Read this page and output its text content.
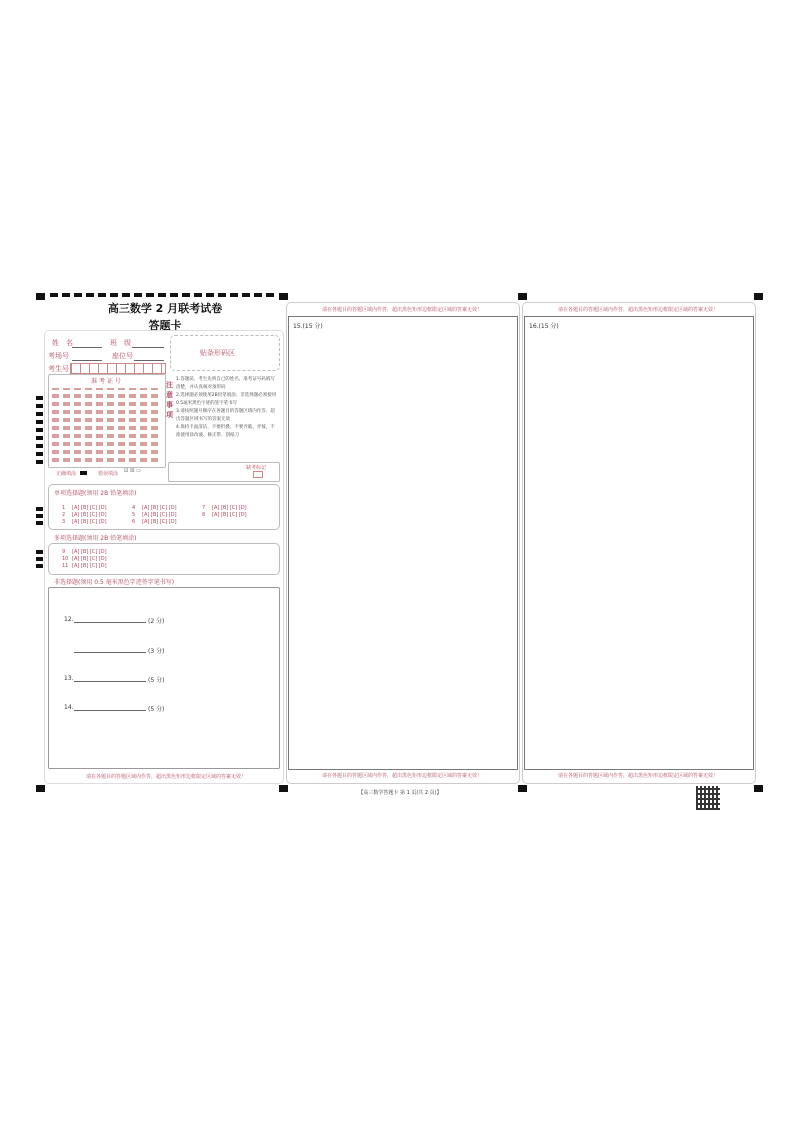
高三数学 2 月联考试卷
答题卡
姓　名	班　级
考场号	座位号
考生号
贴条形码区
准 考 证 号	注意事项
1.答题前，考生先将自己的姓名、准考证号码填写清楚，并认真核对条形码
2.选择题必须使用2B铅笔填涂；非选择题必须使用0.5毫米黑色字迹的签字笔书写
3.请按照题号顺序在各题目的答题区域内作答，超出答题区域书写的答案无效
4.保持卡面清洁，不要折叠、不要弄破、弄皱，不准使用涂改液、修正带、刮纸刀
正确填涂	错误填涂 ☑ ☒ ▭	缺考标记
单项选择题(须用 2B 铅笔填涂)
1 [A] [B] [C] [D]	4 [A] [B] [C] [D]	7 [A] [B] [C] [D]
2 [A] [B] [C] [D]	5 [A] [B] [C] [D]	8 [A] [B] [C] [D]
3 [A] [B] [C] [D]	6 [A] [B] [C] [D]
多项选择题(须用 2B 铅笔填涂)
9 [A] [B] [C] [D]
10 [A] [B] [C] [D]
11 [A] [B] [C] [D]
非选择题(须用 0.5 毫米黑色字迹签字笔书写)
12.	(2 分)
(3 分)
13.	(5 分)
14.	(5 分)
请在各题目的答题区域内作答，超出黑色矩形边框限定区域的答案无效！
请在各题目的答题区域内作答，超出黑色矩形边框限定区域的答案无效！
15.(15 分)
请在各题目的答题区域内作答，超出黑色矩形边框限定区域的答案无效！
请在各题目的答题区域内作答，超出黑色矩形边框限定区域的答案无效！
16.(15 分)
请在各题目的答题区域内作答，超出黑色矩形边框限定区域的答案无效！
【高三数学答题卡 第 1 页(共 2 页)】
